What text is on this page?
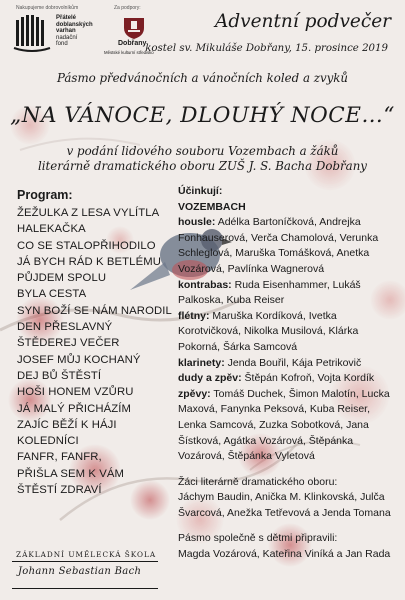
Nakupujeme dobrovolníkům
Přátelé
doblanských
varhan
nadační
fond
Za podpory:
Dobřany
Městské kulturní středisko
Adventní podvečer
kostel sv. Mikuláše Dobřany, 15. prosince 2019
Pásmo předvánočních a vánočních koled a zvyků
„NA VÁNOCE, DLOUHÝ NOCE…“
v podání lidového souboru Vozembach a žáků
literárně dramatického oboru ZUŠ J. S. Bacha Dobřany
Program:
ŽEŽULKA Z LESA VYLÍTLA
HALEKAČKA
CO SE STALOPŘIHODILO
JÁ BYCH RÁD K BETLÉMU
PŮJDEM SPOLU
BYLA CESTA
SYN BOŽÍ SE NÁM NARODIL
DEN PŘESLAVNÝ
ŠTĚDEREJ VEČER
JOSEF MŮJ KOCHANÝ
DEJ BŮ ŠTĚSTÍ
HOŠI HONEM VZŮRU
JÁ MALÝ PŘICHÁZÍM
ZAJÍC BĚŽÍ K HÁJI
KOLEDNÍCI
FANFR, FANFR,
PŘIŠLA SEM K VÁM
ŠTĚSTÍ ZDRAVÍ

Účinkují:

VOZEMBACH

housle: Adélka Bartoníčková, Andrejka Fonhauserová, Verča Chamolová, Verunka Schleglová, Maruška Tomášková, Anetka Vozárová, Pavlínka Wagnerová

kontrabas: Ruda Eisenhammer, Lukáš Palkoska, Kuba Reiser

flétny: Maruška Kordíková, Ivetka Korotvičková, Nikolka Musilová, Klárka Pokorná, Šárka Samcová

klarinety: Jenda Bouřil, Kája Petrikovič

dudy a zpěv: Štěpán Kofroň, Vojta Kordík

zpěvy: Tomáš Duchek, Šimon Malotín, Lucka Maxová, Fanynka Peksová, Kuba Reiser, Lenka Samcová, Zuzka Sobotková, Jana Šístková, Agátka Vozárová, Štěpánka Vozárová, Štěpánka Vyletová

Žáci literárně dramatického oboru:

Jáchym Baudin, Anička M. Klinkovská, Julča Švarcová, Anežka Tetřevová a Jenda Tomana

Pásmo společně s dětmi připravili:

Magda Vozárová, Kateřina Viníká a Jan Rada

ZÁKLADNÍ UMĚLECKÁ ŠKOLA
Johann Sebastian Bach
